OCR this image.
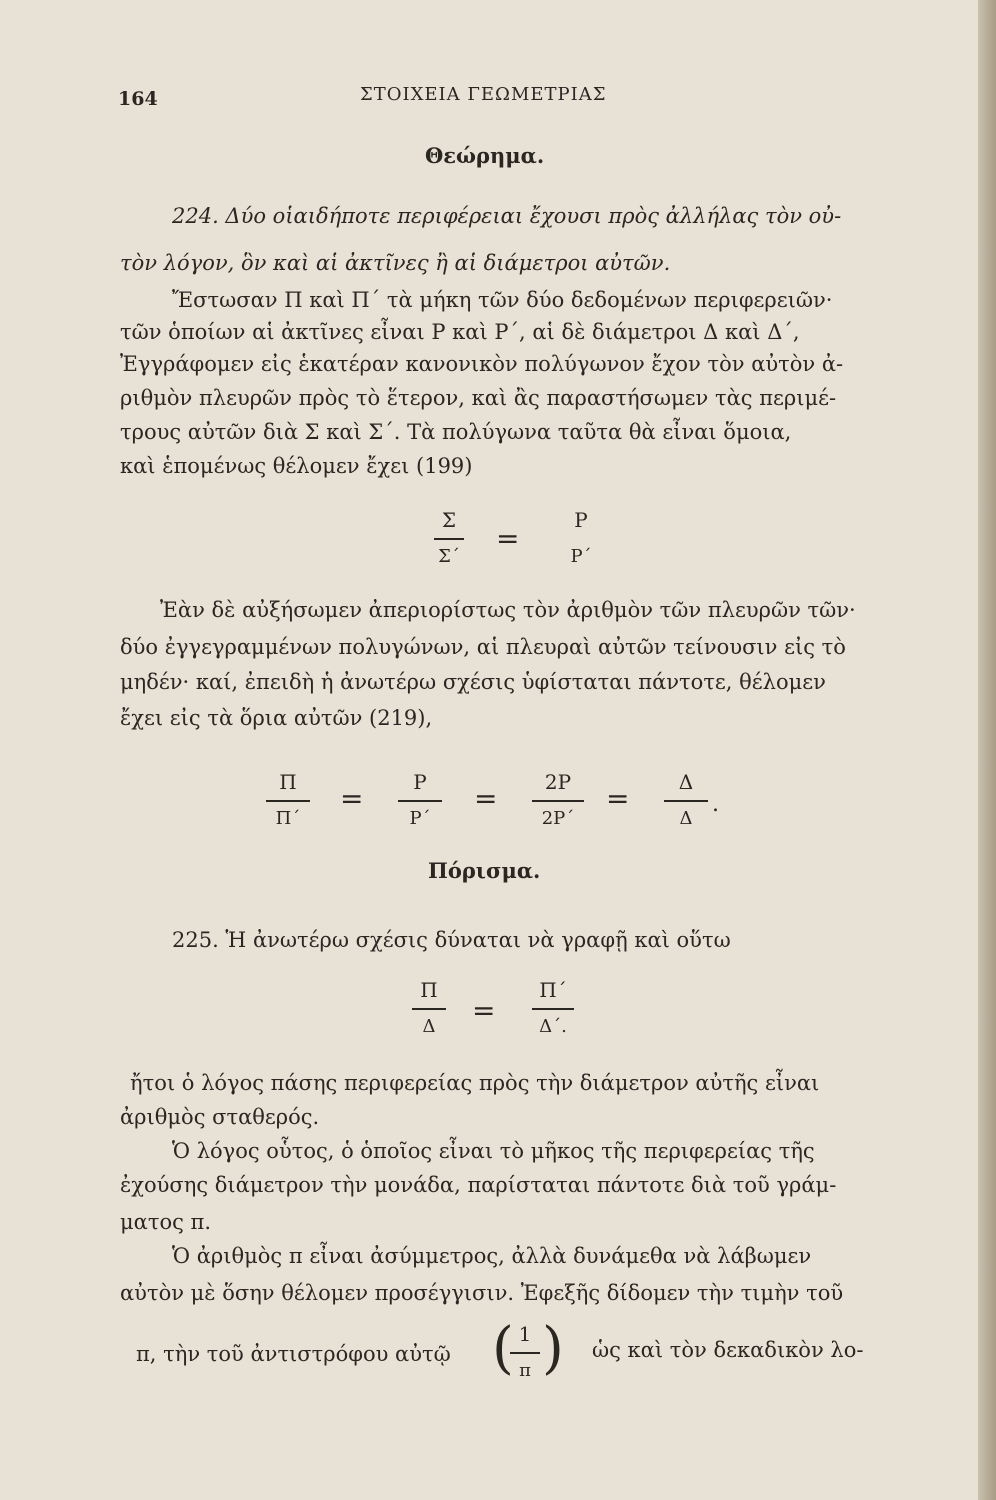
164	ΣΤΟΙΧΕΙΑ ΓΕΩΜΕΤΡΙΑΣ
Θεώρημα.
224. Δύο οἱαιδήποτε περιφέρειαι ἔχουσι πρὸς ἀλλήλας τὸν οὐ-
τὸν λόγον, ὃν καὶ αἱ ἀκτῖνες ἢ αἱ διάμετροι αὐτῶν.
Ἔστωσαν Π καὶ Π΄ τὰ μήκη τῶν δύο δεδομένων περιφερειῶν·
τῶν ὁποίων αἱ ἀκτῖνες εἶναι Ρ καὶ Ρ΄, αἱ δὲ διάμετροι Δ καὶ Δ΄,
Ἐγγράφομεν εἰς ἑκατέραν κανονικὸν πολύγωνον ἔχον τὸν αὐτὸν ἀ-
ριθμὸν πλευρῶν πρὸς τὸ ἕτερον, καὶ ἂς παραστήσωμεν τὰς περιμέ-
τρους αὐτῶν διὰ Σ καὶ Σ΄. Τὰ πολύγωνα ταῦτα θὰ εἶναι ὅμοια,
καὶ ἑπομένως θέλομεν ἔχει (199)
Σ
Σ΄
=
Ρ
Ρ΄
Ἐὰν δὲ αὐξήσωμεν ἀπεριορίστως τὸν ἀριθμὸν τῶν πλευρῶν τῶν·
δύο ἐγγεγραμμένων πολυγώνων, αἱ πλευραὶ αὐτῶν τείνουσιν εἰς τὸ
μηδέν· καί, ἐπειδὴ ἡ ἀνωτέρω σχέσις ὑφίσταται πάντοτε, θέλομεν
ἔχει εἰς τὰ ὅρια αὐτῶν (219),
Π
Π΄
=	Ρ
Ρ΄
=	2Ρ
2Ρ΄
=	Δ
Δ
.
Πόρισμα.
225. Ἡ ἀνωτέρω σχέσις δύναται νὰ γραφῇ καὶ οὕτω
Π
Δ	=
Π΄
Δ΄.
ἤτοι ὁ λόγος πάσης περιφερείας πρὸς τὴν διάμετρον αὐτῆς εἶναι
ἀριθμὸς σταθερός.
Ὁ λόγος οὗτος, ὁ ὁποῖος εἶναι τὸ μῆκος τῆς περιφερείας τῆς
ἐχούσης διάμετρον τὴν μονάδα, παρίσταται πάντοτε διὰ τοῦ γράμ-
ματος π.
Ὁ ἀριθμὸς π εἶναι ἀσύμμετρος, ἀλλὰ δυνάμεθα νὰ λάβωμεν
αὐτὸν μὲ ὅσην θέλομεν προσέγγισιν. Ἐφεξῆς δίδομεν τὴν τιμὴν τοῦ
π, τὴν τοῦ ἀντιστρόφου αὐτῷ ( 1
π ) ὡς καὶ τὸν δεκαδικὸν λο-
